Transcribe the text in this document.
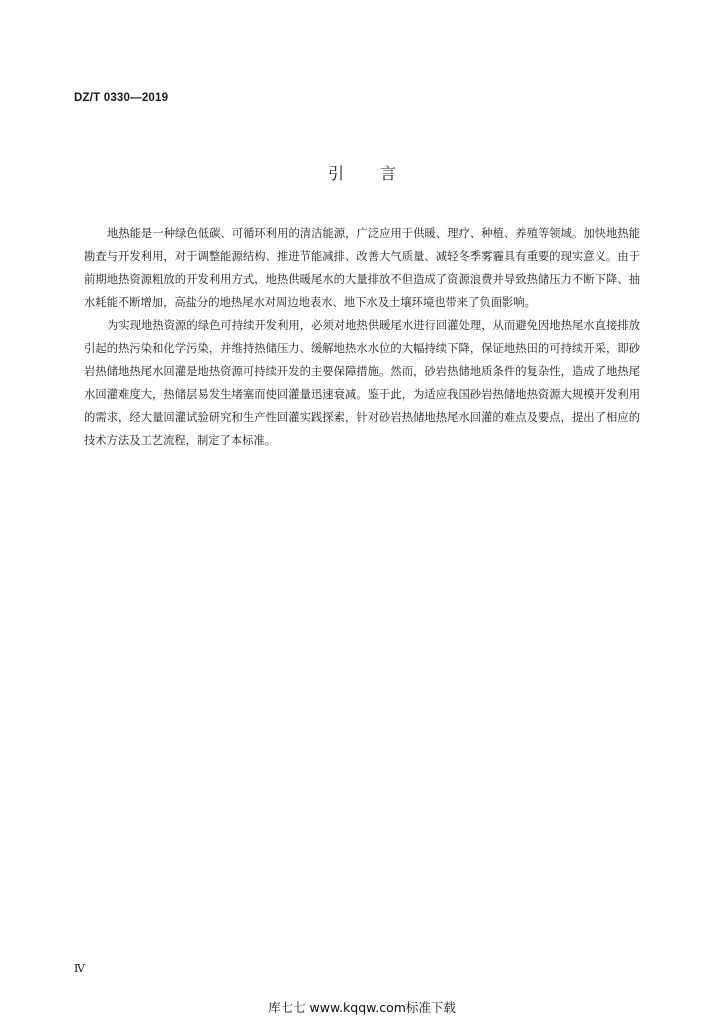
DZ/T 0330—2019
引言

地热能是一种绿色低碳、可循环利用的清洁能源，广泛应用于供暖、理疗、种植、养殖等领域。加快地热能勘查与开发利用，对于调整能源结构、推进节能减排、改善大气质量、减轻冬季雾霾具有重要的现实意义。由于前期地热资源粗放的开发利用方式，地热供暖尾水的大量排放不但造成了资源浪费并导致热储压力不断下降、抽水耗能不断增加，高盐分的地热尾水对周边地表水、地下水及土壤环境也带来了负面影响。

为实现地热资源的绿色可持续开发利用，必须对地热供暖尾水进行回灌处理，从而避免因地热尾水直接排放引起的热污染和化学污染，并维持热储压力、缓解地热水水位的大幅持续下降，保证地热田的可持续开采，即砂岩热储地热尾水回灌是地热资源可持续开发的主要保障措施。然而，砂岩热储地质条件的复杂性，造成了地热尾水回灌难度大，热储层易发生堵塞而使回灌量迅速衰减。鉴于此，为适应我国砂岩热储地热资源大规模开发利用的需求，经大量回灌试验研究和生产性回灌实践探索，针对砂岩热储地热尾水回灌的难点及要点，提出了相应的技术方法及工艺流程，制定了本标准。

Ⅳ
库七七 www.kqqw.com标准下载
